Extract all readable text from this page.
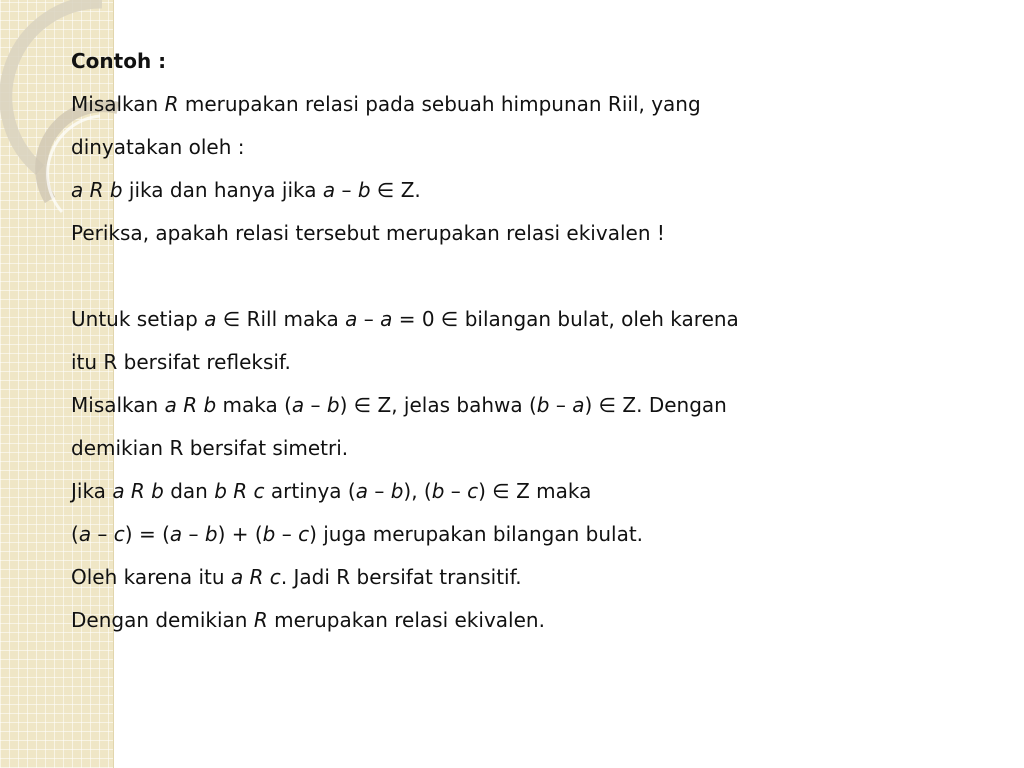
Contoh :
Misalkan R merupakan relasi pada sebuah himpunan Riil, yang
dinyatakan oleh :
a R b jika dan hanya jika a – b ∈ Z.
Periksa, apakah relasi tersebut merupakan relasi ekivalen !
Untuk setiap a ∈ Rill maka a – a = 0 ∈ bilangan bulat, oleh karena
itu R bersifat refleksif.
Misalkan a R b maka (a – b) ∈ Z, jelas bahwa (b – a) ∈ Z. Dengan
demikian R bersifat simetri.
Jika a R b dan b R c artinya (a – b), (b – c) ∈ Z maka
(a – c) = (a – b) + (b – c) juga merupakan bilangan bulat.
Oleh karena itu a R c. Jadi R bersifat transitif.
Dengan demikian R merupakan relasi ekivalen.
